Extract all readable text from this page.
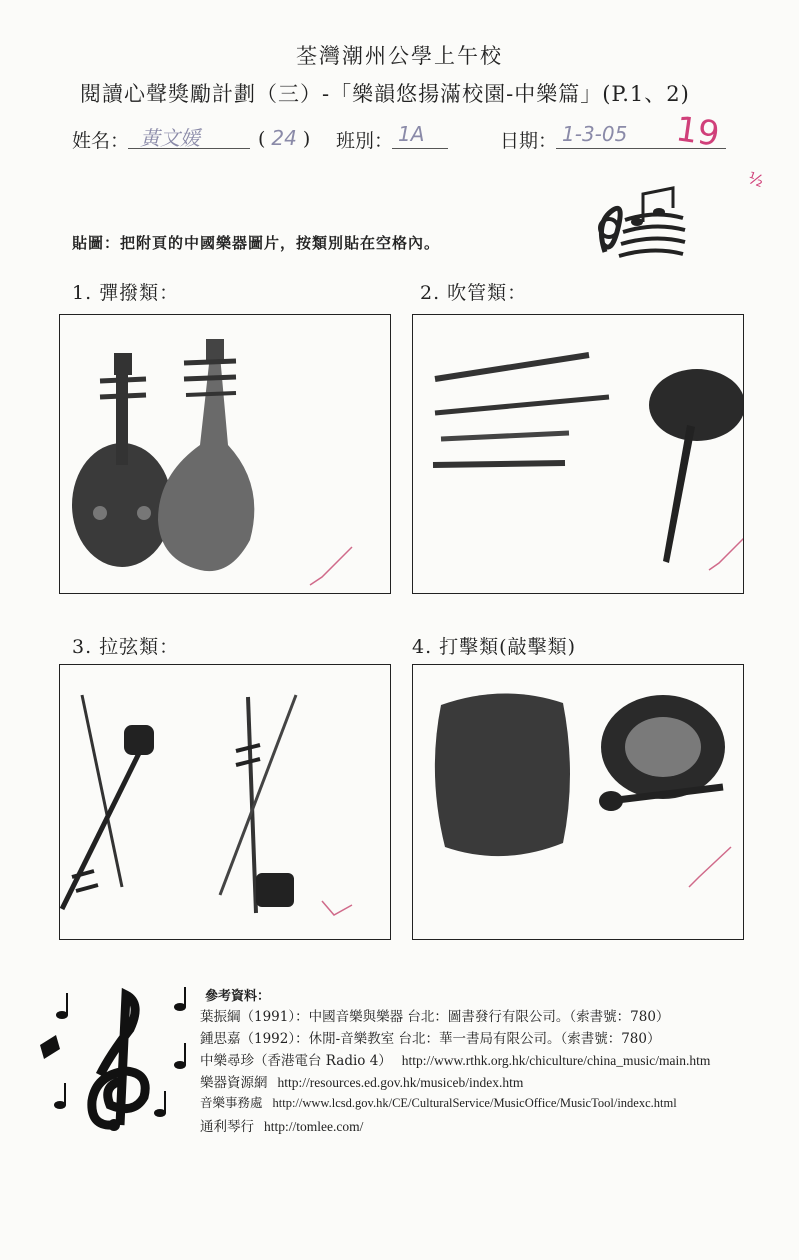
荃灣潮州公學上午校
閱讀心聲獎勵計劃（三）-「樂韻悠揚滿校園-中樂篇」(P.1、2)
姓名： 黃文媛	( 24 ) 班別： 1A	日期： 1-3-05	19
½
貼圖：把附頁的中國樂器圖片，按類別貼在空格內。
1. 彈撥類：	2. 吹管類：
3. 拉弦類：	4. 打擊類(敲擊類)
參考資料：
葉振綱（1991）：中國音樂與樂器 台北：圖書發行有限公司。（索書號：780）
鍾思嘉（1992）：休閒-音樂教室 台北：華一書局有限公司。（索書號：780）
中樂尋珍（香港電台 Radio 4） http://www.rthk.org.hk/chiculture/china_music/main.htm
樂器資源網 http://resources.ed.gov.hk/musiceb/index.htm
音樂事務處 http://www.lcsd.gov.hk/CE/CulturalService/MusicOffice/MusicTool/indexc.html
通利琴行 http://tomlee.com/
